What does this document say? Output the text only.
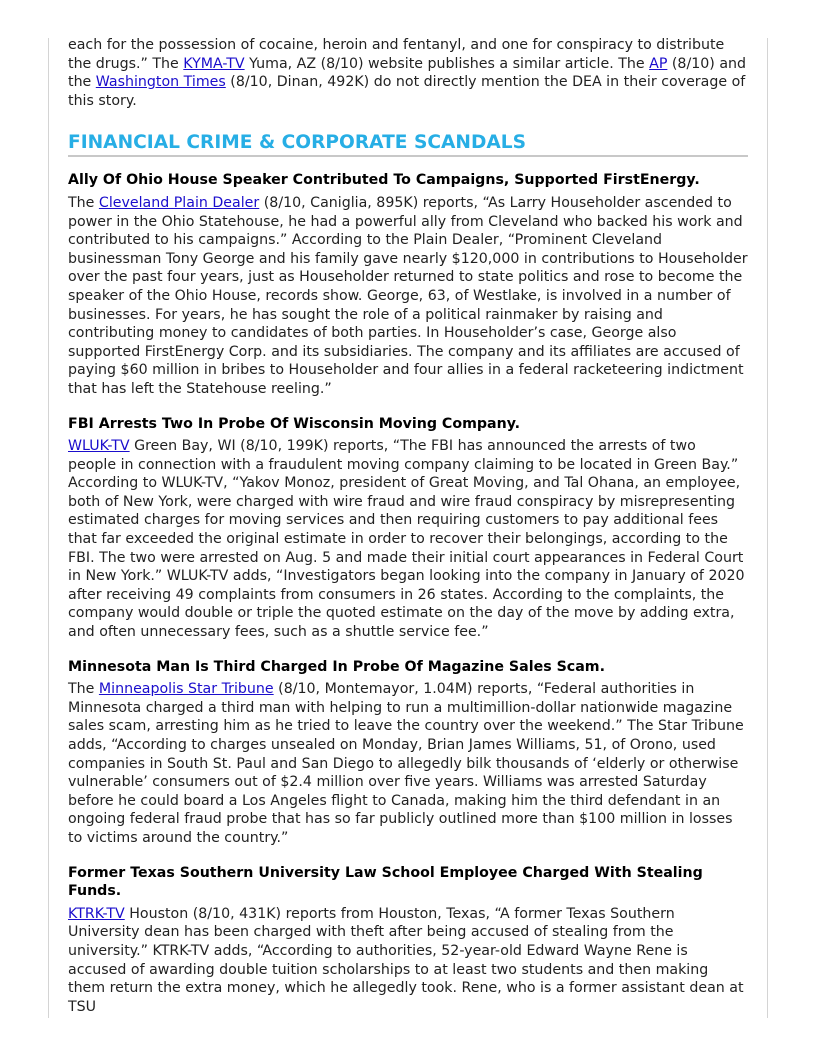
each for the possession of cocaine, heroin and fentanyl, and one for conspiracy to distribute the drugs.” The KYMA-TV Yuma, AZ (8/10) website publishes a similar article. The AP (8/10) and the Washington Times (8/10, Dinan, 492K) do not directly mention the DEA in their coverage of this story.

FINANCIAL CRIME & CORPORATE SCANDALS
Ally Of Ohio House Speaker Contributed To Campaigns, Supported FirstEnergy.

The Cleveland Plain Dealer (8/10, Caniglia, 895K) reports, “As Larry Householder ascended to power in the Ohio Statehouse, he had a powerful ally from Cleveland who backed his work and contributed to his campaigns.” According to the Plain Dealer, “Prominent Cleveland businessman Tony George and his family gave nearly $120,000 in contributions to Householder over the past four years, just as Householder returned to state politics and rose to become the speaker of the Ohio House, records show. George, 63, of Westlake, is involved in a number of businesses. For years, he has sought the role of a political rainmaker by raising and contributing money to candidates of both parties. In Householder’s case, George also supported FirstEnergy Corp. and its subsidiaries. The company and its affiliates are accused of paying $60 million in bribes to Householder and four allies in a federal racketeering indictment that has left the Statehouse reeling.”

FBI Arrests Two In Probe Of Wisconsin Moving Company.

WLUK-TV Green Bay, WI (8/10, 199K) reports, “The FBI has announced the arrests of two people in connection with a fraudulent moving company claiming to be located in Green Bay.” According to WLUK-TV, “Yakov Monoz, president of Great Moving, and Tal Ohana, an employee, both of New York, were charged with wire fraud and wire fraud conspiracy by misrepresenting estimated charges for moving services and then requiring customers to pay additional fees that far exceeded the original estimate in order to recover their belongings, according to the FBI. The two were arrested on Aug. 5 and made their initial court appearances in Federal Court in New York.” WLUK-TV adds, “Investigators began looking into the company in January of 2020 after receiving 49 complaints from consumers in 26 states. According to the complaints, the company would double or triple the quoted estimate on the day of the move by adding extra, and often unnecessary fees, such as a shuttle service fee.”

Minnesota Man Is Third Charged In Probe Of Magazine Sales Scam.

The Minneapolis Star Tribune (8/10, Montemayor, 1.04M) reports, “Federal authorities in Minnesota charged a third man with helping to run a multimillion-dollar nationwide magazine sales scam, arresting him as he tried to leave the country over the weekend.” The Star Tribune adds, “According to charges unsealed on Monday, Brian James Williams, 51, of Orono, used companies in South St. Paul and San Diego to allegedly bilk thousands of ‘elderly or otherwise vulnerable’ consumers out of $2.4 million over five years. Williams was arrested Saturday before he could board a Los Angeles flight to Canada, making him the third defendant in an ongoing federal fraud probe that has so far publicly outlined more than $100 million in losses to victims around the country.”

Former Texas Southern University Law School Employee Charged With Stealing Funds.

KTRK-TV Houston (8/10, 431K) reports from Houston, Texas, “A former Texas Southern University dean has been charged with theft after being accused of stealing from the university.” KTRK-TV adds, “According to authorities, 52-year-old Edward Wayne Rene is accused of awarding double tuition scholarships to at least two students and then making them return the extra money, which he allegedly took. Rene, who is a former assistant dean at TSU
